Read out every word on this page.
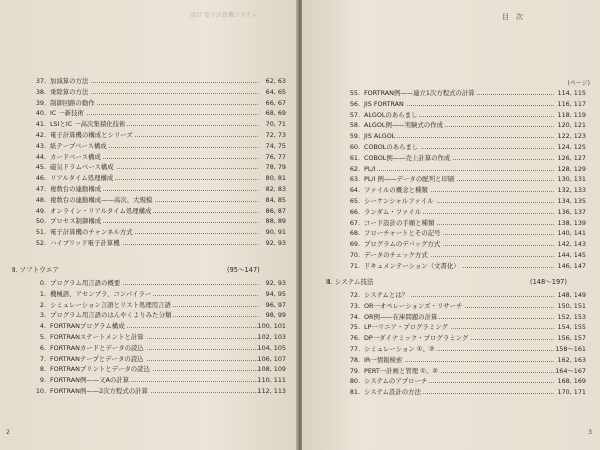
設計 電子計算機システム
37. 加減算の方法	62, 63
38. 乗除算の方法	64, 65
39. 制御回路の動作	66, 67
40. IC 一新技術	68, 69
41. LSIとIC 一高次集積化技術	70, 71
42. 電子計算機の構成とシリーズ	72, 73
43. 紙テープベース構成	74, 75
44. カードベース構成	76, 77
45. 磁気ドラムベース構成	78, 79
46. リアルタイム処理構成	80, 81
47. 複数台の連動構成	82, 83
48. 複数台の連動構成——高次、大規模	84, 85
49. オンライン・リアルタイム処理構成	86, 87
50. プロセス制御構成	88, 89
51. 電子計算機のチャンネル方式	90, 91
52. ハイブリッド電子計算機	92, 93
Ⅱ. ソフトウエア	(95〜147)
0. プログラム用言語の概要	92, 93
1. 機械語、アセンブラ、コンパイラー	94, 95
2. シミュレーション言語とリスト処理用言語	96, 97
3. プログラム用言語のはんやくよりみた分類	98, 99
4. FORTRANプログラム構成	100, 101
5. FORTRANステートメントと計算	102, 103
6. FORTRANカードとデータの読込	104, 105
7. FORTRANテープとデータの読込	106, 107
8. FORTRANプリントとデータの読込	108, 109
9. FORTRAN例——又Aの計算	110, 111
10. FORTRAN例——2次方程式の計算	112, 113
2
目　次
(ページ)
55. FORTRAN例——連立1次方程式の計算	114, 115
56. JIS FORTRAN	116, 117
57. ALGOLのあらまし	118, 119
58. ALGOL例——実験式の作成	120, 121
59. JIS ALGOL	122, 123
60. COBOLのあらまし	124, 125
61. COBOL例——売上計算の作成	126, 127
62. PL/I	128, 129
63. PL/I 例——データの配列と印刷	130, 131
64. ファイルの概念と種類	132, 133
65. シーケンシャルファイル	134, 135
66. ランダム・ファイル	136, 137
67. コード設計の手順と種類	138, 139
68. フローチャートとその記号	140, 141
69. プログラムのデバッグ方式	142, 143
70. データのチェック方式	144, 145
71. ドキュメンテーション（文書化）	146, 147
Ⅲ. システム技法	(148〜197)
72. システムとは？	148, 149
73. OR一オペレーションズ・リサーチ	150, 151
74. OR例——在庫問題の計算	152, 153
75. LP一リニア・プログラミング	154, 155
76. DP一ダイナミック・プログラミング	156, 157
77. シミュレーション ①、②	158〜161
78. IR一情報検索	162, 163
79. PERT一計画と管理 ①、②	164〜167
80. システムのアプローチ	168, 169
81. システム設計の方法	170, 171
3
